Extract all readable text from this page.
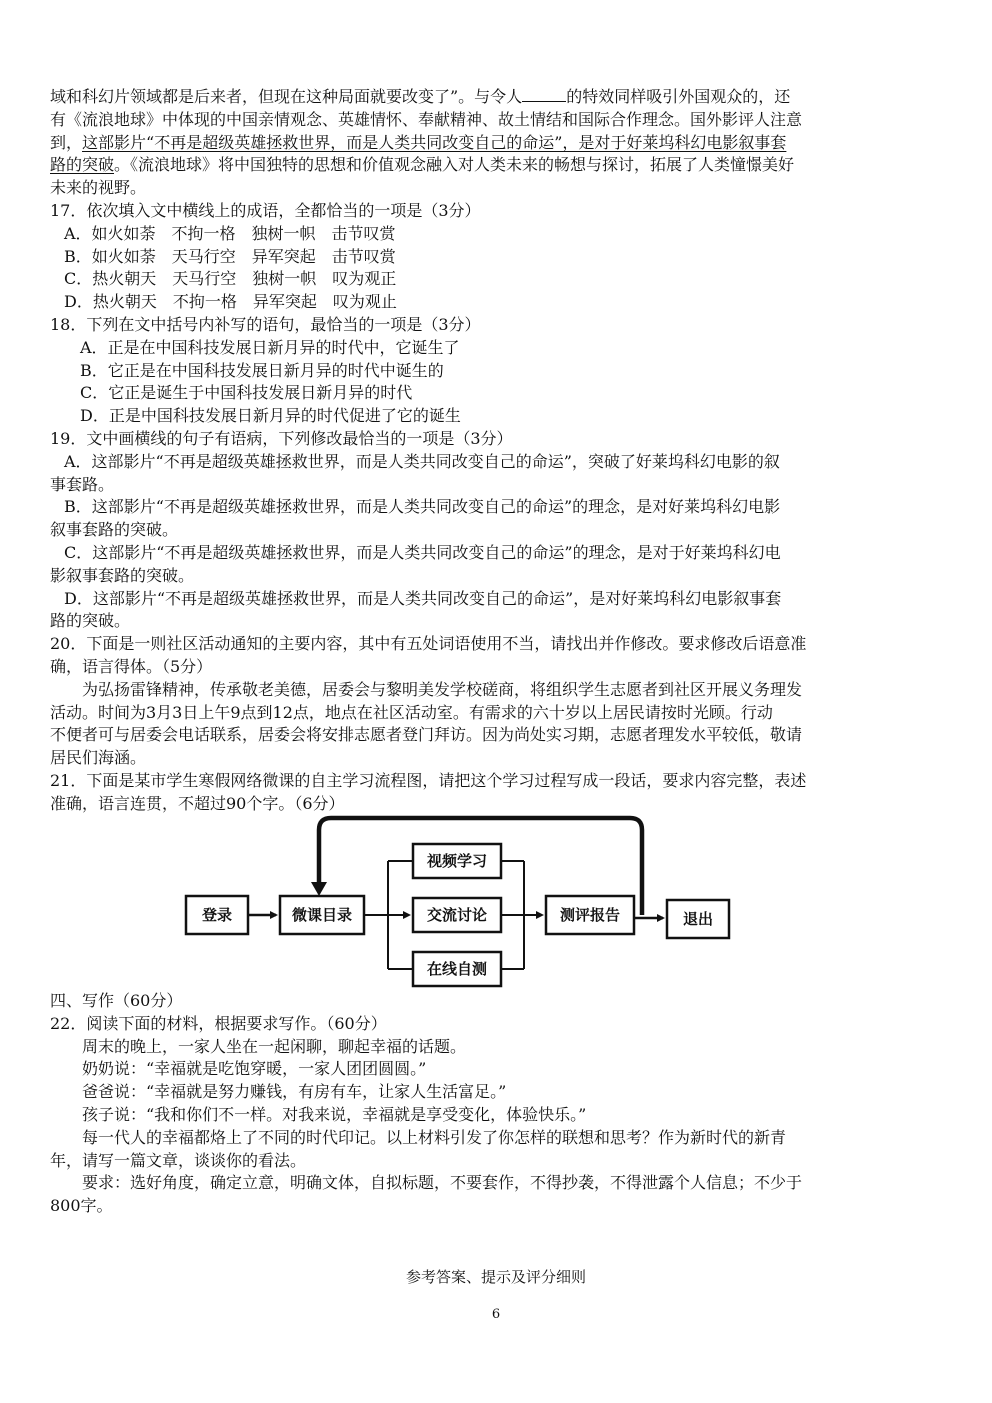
域和科幻片领域都是后来者，但现在这种局面就要改变了”。与令人	的特效同样吸引外国观众的，还

有《流浪地球》中体现的中国亲情观念、英雄情怀、奉献精神、故土情结和国际合作理念。国外影评人注意

到，这部影片“不再是超级英雄拯救世界，而是人类共同改变自己的命运”，是对于好莱坞科幻电影叙事套

路的突破。《流浪地球》将中国独特的思想和价值观念融入对人类未来的畅想与探讨，拓展了人类憧憬美好

未来的视野。

17．依次填入文中横线上的成语，全都恰当的一项是（3分）

A．如火如荼　不拘一格　独树一帜　击节叹赏

B．如火如荼　天马行空　异军突起　击节叹赏

C．热火朝天　天马行空　独树一帜　叹为观正

D．热火朝天　不拘一格　异军突起　叹为观止

18．下列在文中括号内补写的语句，最恰当的一项是（3分）

A．正是在中国科技发展日新月异的时代中，它诞生了

B．它正是在中国科技发展日新月异的时代中诞生的

C．它正是诞生于中国科技发展日新月异的时代

D．正是中国科技发展日新月异的时代促进了它的诞生

19．文中画横线的句子有语病，下列修改最恰当的一项是（3分）

A．这部影片“不再是超级英雄拯救世界，而是人类共同改变自己的命运”，突破了好莱坞科幻电影的叙

事套路。

B．这部影片“不再是超级英雄拯救世界，而是人类共同改变自己的命运”的理念，是对好莱坞科幻电影

叙事套路的突破。

C．这部影片“不再是超级英雄拯救世界，而是人类共同改变自己的命运”的理念，是对于好莱坞科幻电

影叙事套路的突破。

D．这部影片“不再是超级英雄拯救世界，而是人类共同改变自己的命运”，是对好莱坞科幻电影叙事套

路的突破。

20．下面是一则社区活动通知的主要内容，其中有五处词语使用不当，请找出并作修改。要求修改后语意准

确，语言得体。（5分）

为弘扬雷锋精神，传承敬老美德，居委会与黎明美发学校磋商，将组织学生志愿者到社区开展义务理发

活动。时间为3月3日上午9点到12点，地点在社区活动室。有需求的六十岁以上居民请按时光顾。行动

不便者可与居委会电话联系，居委会将安排志愿者登门拜访。因为尚处实习期，志愿者理发水平较低，敬请

居民们海涵。

21．下面是某市学生寒假网络微课的自主学习流程图，请把这个学习过程写成一段话，要求内容完整，表述

准确，语言连贯，不超过90个字。（6分）

登录	微课目录
视频学习
交流讨论
在线自测
测评报告	退出

四、写作（60分）

22．阅读下面的材料，根据要求写作。（60分）

周末的晚上，一家人坐在一起闲聊，聊起幸福的话题。

奶奶说：“幸福就是吃饱穿暖，一家人团团圆圆。”

爸爸说：“幸福就是努力赚钱，有房有车，让家人生活富足。”

孩子说：“我和你们不一样。对我来说，幸福就是享受变化，体验快乐。”

每一代人的幸福都烙上了不同的时代印记。以上材料引发了你怎样的联想和思考？作为新时代的新青

年，请写一篇文章，谈谈你的看法。

要求：选好角度，确定立意，明确文体，自拟标题，不要套作，不得抄袭，不得泄露个人信息；不少于

800字。

参考答案、提示及评分细则
6
